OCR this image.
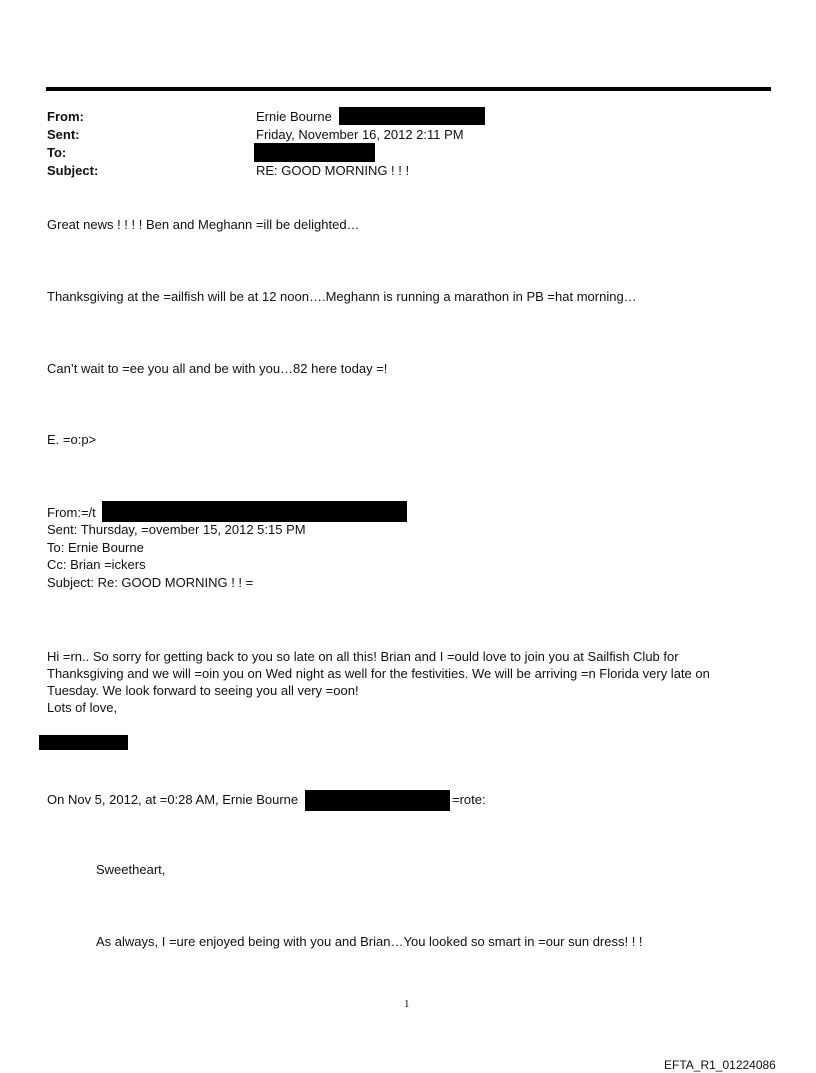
From:	Ernie Bourne
Sent:	Friday, November 16, 2012 2:11 PM
To:
Subject:	RE: GOOD MORNING ! ! !
Great news ! ! ! ! Ben and Meghann =ill be delighted…
Thanksgiving at the =ailfish will be at 12 noon….Meghann is running a marathon in PB =hat morning…
Can’t wait to =ee you all and be with you…82 here today =!
E. =o:p>
From:=/t
Sent: Thursday, =ovember 15, 2012 5:15 PM
To: Ernie Bourne
Cc: Brian =ickers
Subject: Re: GOOD MORNING ! ! =
Hi =rn.. So sorry for getting back to you so late on all this! Brian and I =ould love to join you at Sailfish Club for
Thanksgiving and we will =oin you on Wed night as well for the festivities. We will be arriving =n Florida very late on
Tuesday. We look forward to seeing you all very =oon!
Lots of love,
On Nov 5, 2012, at =0:28 AM, Ernie Bourne	=rote:
Sweetheart,
As always, I =ure enjoyed being with you and Brian…You looked so smart in =our sun dress! ! !
1
EFTA_R1_01224086
